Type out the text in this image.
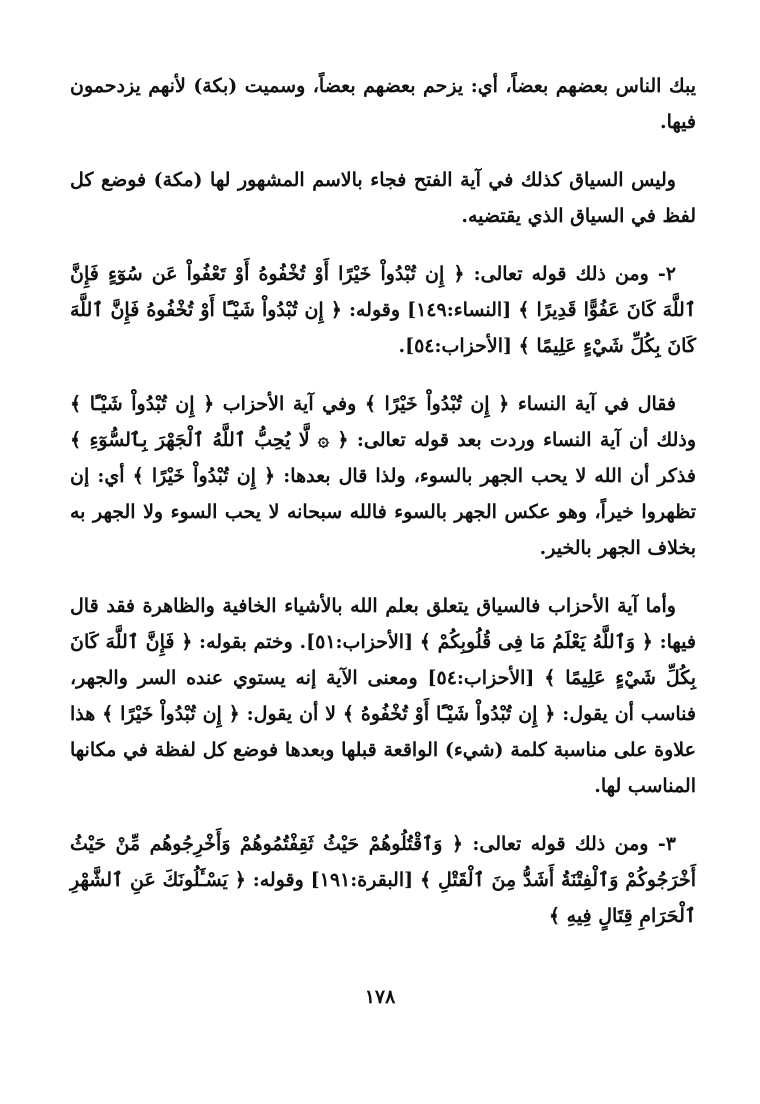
يبك الناس بعضهم بعضاً، أي: يزحم بعضهم بعضاً، وسميت (بكة) لأنهم يزدحمون فيها.

وليس السياق كذلك في آية الفتح فجاء بالاسم المشهور لها (مكة) فوضع كل لفظ في السياق الذي يقتضيه.

٢- ومن ذلك قوله تعالى: ﴿ إِن تُبْدُواْ خَيْرًا أَوْ تُخْفُوهُ أَوْ تَعْفُواْ عَن سُوٓءٍ فَإِنَّ ٱللَّهَ كَانَ عَفُوًّا قَدِيرًا ﴾ [النساء:١٤٩] وقوله: ﴿ إِن تُبْدُواْ شَيْـًٔا أَوْ تُخْفُوهُ فَإِنَّ ٱللَّهَ كَانَ بِكُلِّ شَيْءٍ عَلِيمًا ﴾ [الأحزاب:٥٤].

فقال في آية النساء ﴿ إِن تُبْدُواْ خَيْرًا ﴾ وفي آية الأحزاب ﴿ إِن تُبْدُواْ شَيْـًٔا ﴾ وذلك أن آية النساء وردت بعد قوله تعالى: ﴿ ۞ لَّا يُحِبُّ ٱللَّهُ ٱلْجَهْرَ بِٱلسُّوٓءِ ﴾ فذكر أن الله لا يحب الجهر بالسوء، ولذا قال بعدها: ﴿ إِن تُبْدُواْ خَيْرًا ﴾ أي: إن تظهروا خيراً، وهو عكس الجهر بالسوء فالله سبحانه لا يحب السوء ولا الجهر به بخلاف الجهر بالخير.

وأما آية الأحزاب فالسياق يتعلق بعلم الله بالأشياء الخافية والظاهرة فقد قال فيها: ﴿ وَٱللَّهُ يَعْلَمُ مَا فِى قُلُوبِكُمْ ﴾ [الأحزاب:٥١]. وختم بقوله: ﴿ فَإِنَّ ٱللَّهَ كَانَ بِكُلِّ شَيْءٍ عَلِيمًا ﴾ [الأحزاب:٥٤] ومعنى الآية إنه يستوي عنده السر والجهر، فناسب أن يقول: ﴿ إِن تُبْدُواْ شَيْـًٔا أَوْ تُخْفُوهُ ﴾ لا أن يقول: ﴿ إِن تُبْدُواْ خَيْرًا ﴾ هذا علاوة على مناسبة كلمة (شيء) الواقعة قبلها وبعدها فوضع كل لفظة في مكانها المناسب لها.

٣- ومن ذلك قوله تعالى: ﴿ وَٱقْتُلُوهُمْ حَيْثُ ثَقِفْتُمُوهُمْ وَأَخْرِجُوهُم مِّنْ حَيْثُ أَخْرَجُوكُمْ وَٱلْفِتْنَةُ أَشَدُّ مِنَ ٱلْقَتْلِ ﴾ [البقرة:١٩١] وقوله: ﴿ يَسْـَٔلُونَكَ عَنِ ٱلشَّهْرِ ٱلْحَرَامِ قِتَالٍ فِيهِ ﴾

١٧٨
